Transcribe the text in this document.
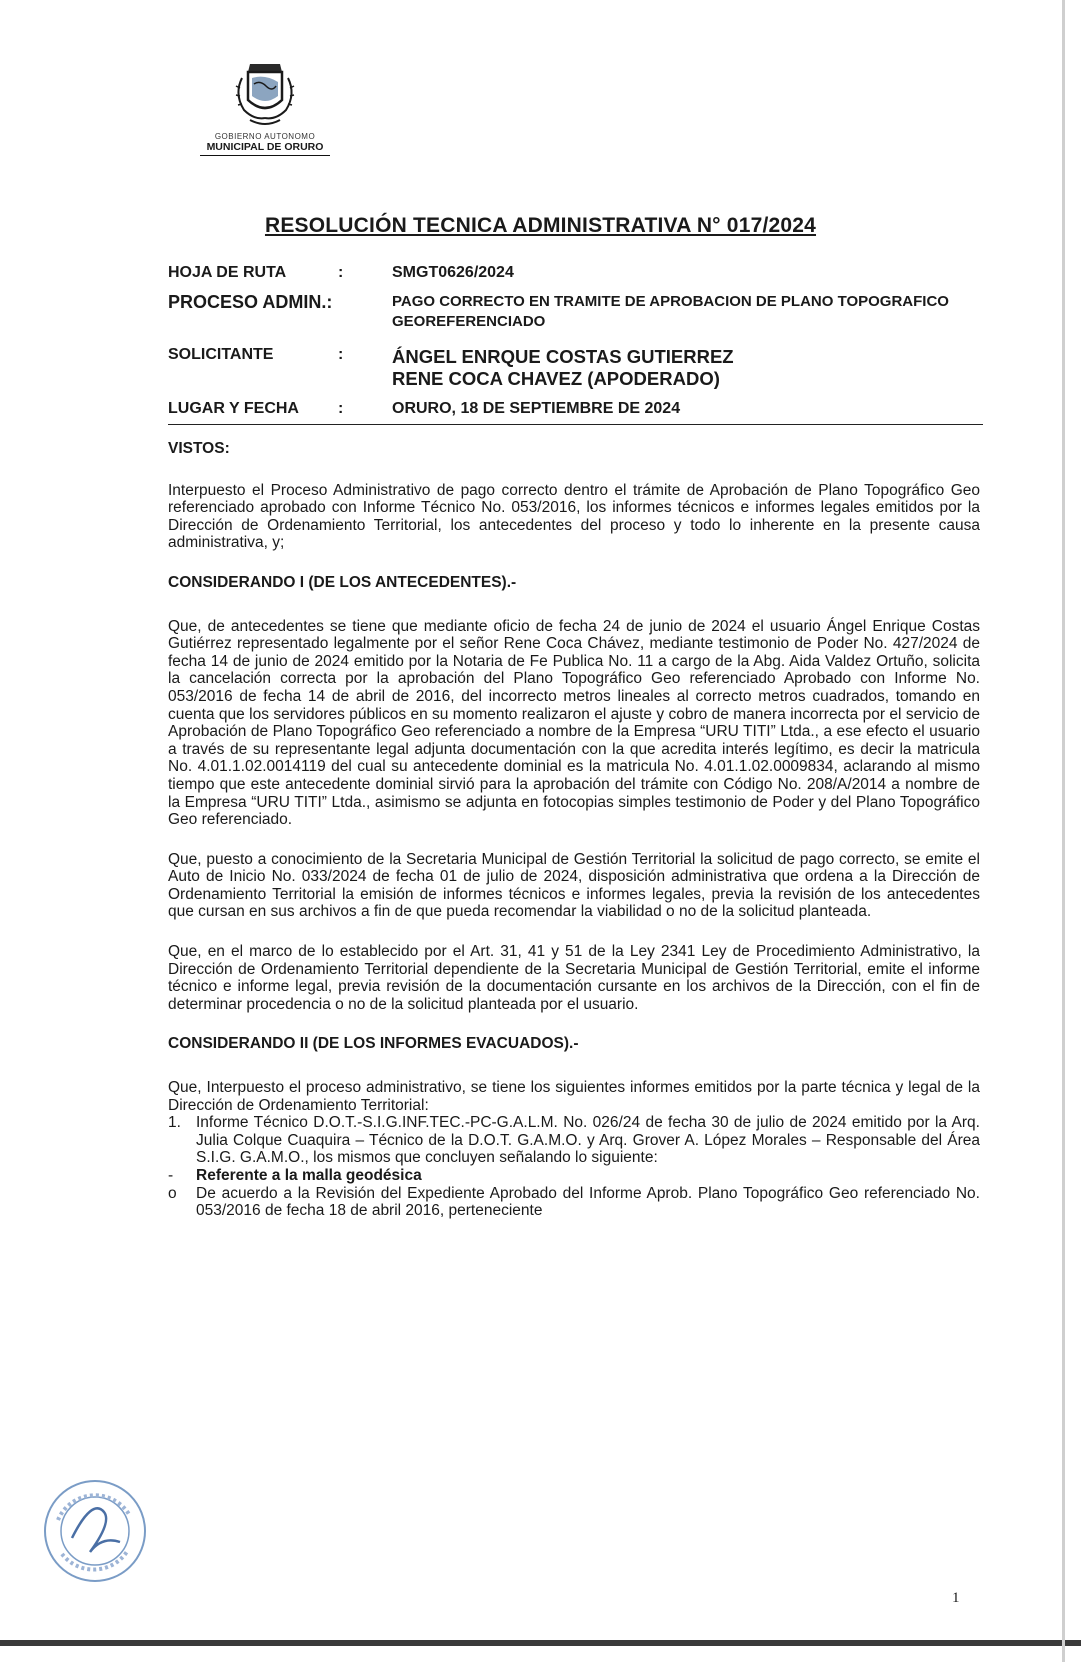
GOBIERNO AUTONOMO
MUNICIPAL DE ORURO
RESOLUCIÓN TECNICA ADMINISTRATIVA N° 017/2024
HOJA DE RUTA	:	SMGT0626/2024
PROCESO ADMIN.:	PAGO CORRECTO EN TRAMITE DE APROBACION DE PLANO TOPOGRAFICO GEOREFERENCIADO
SOLICITANTE	:	ÁNGEL ENRQUE COSTAS GUTIERREZ
RENE COCA CHAVEZ (APODERADO)
LUGAR Y FECHA	:	ORURO, 18 DE SEPTIEMBRE DE 2024
VISTOS:

Interpuesto el Proceso Administrativo de pago correcto dentro el trámite de Aprobación de Plano Topográfico Geo referenciado aprobado con Informe Técnico No. 053/2016, los informes técnicos e informes legales emitidos por la Dirección de Ordenamiento Territorial, los antecedentes del proceso y todo lo inherente en la presente causa administrativa, y;

CONSIDERANDO I (DE LOS ANTECEDENTES).-

Que, de antecedentes se tiene que mediante oficio de fecha 24 de junio de 2024 el usuario Ángel Enrique Costas Gutiérrez representado legalmente por el señor Rene Coca Chávez, mediante testimonio de Poder No. 427/2024 de fecha 14 de junio de 2024 emitido por la Notaria de Fe Publica No. 11 a cargo de la Abg. Aida Valdez Ortuño, solicita la cancelación correcta por la aprobación del Plano Topográfico Geo referenciado Aprobado con Informe No. 053/2016 de fecha 14 de abril de 2016, del incorrecto metros lineales al correcto metros cuadrados, tomando en cuenta que los servidores públicos en su momento realizaron el ajuste y cobro de manera incorrecta por el servicio de Aprobación de Plano Topográfico Geo referenciado a nombre de la Empresa “URU TITI” Ltda., a ese efecto el usuario a través de su representante legal adjunta documentación con la que acredita interés legítimo, es decir la matricula No. 4.01.1.02.0014119 del cual su antecedente dominial es la matricula No. 4.01.1.02.0009834, aclarando al mismo tiempo que este antecedente dominial sirvió para la aprobación del trámite con Código No. 208/A/2014 a nombre de la Empresa “URU TITI” Ltda., asimismo se adjunta en fotocopias simples testimonio de Poder y del Plano Topográfico Geo referenciado.

Que, puesto a conocimiento de la Secretaria Municipal de Gestión Territorial la solicitud de pago correcto, se emite el Auto de Inicio No. 033/2024 de fecha 01 de julio de 2024, disposición administrativa que ordena a la Dirección de Ordenamiento Territorial la emisión de informes técnicos e informes legales, previa la revisión de los antecedentes que cursan en sus archivos a fin de que pueda recomendar la viabilidad o no de la solicitud planteada.

Que, en el marco de lo establecido por el Art. 31, 41 y 51 de la Ley 2341 Ley de Procedimiento Administrativo, la Dirección de Ordenamiento Territorial dependiente de la Secretaria Municipal de Gestión Territorial, emite el informe técnico e informe legal, previa revisión de la documentación cursante en los archivos de la Dirección, con el fin de determinar procedencia o no de la solicitud planteada por el usuario.

CONSIDERANDO II (DE LOS INFORMES EVACUADOS).-

Que, Interpuesto el proceso administrativo, se tiene los siguientes informes emitidos por la parte técnica y legal de la Dirección de Ordenamiento Territorial:

1. Informe Técnico D.O.T.-S.I.G.INF.TEC.-PC-G.A.L.M. No. 026/24 de fecha 30 de julio de 2024 emitido por la Arq. Julia Colque Cuaquira – Técnico de la D.O.T. G.A.M.O. y Arq. Grover A. López Morales – Responsable del Área S.I.G. G.A.M.O., los mismos que concluyen señalando lo siguiente:
-	Referente a la malla geodésica
o	De acuerdo a la Revisión del Expediente Aprobado del Informe Aprob. Plano Topográfico Geo referenciado No. 053/2016 de fecha 18 de abril 2016, perteneciente
1
